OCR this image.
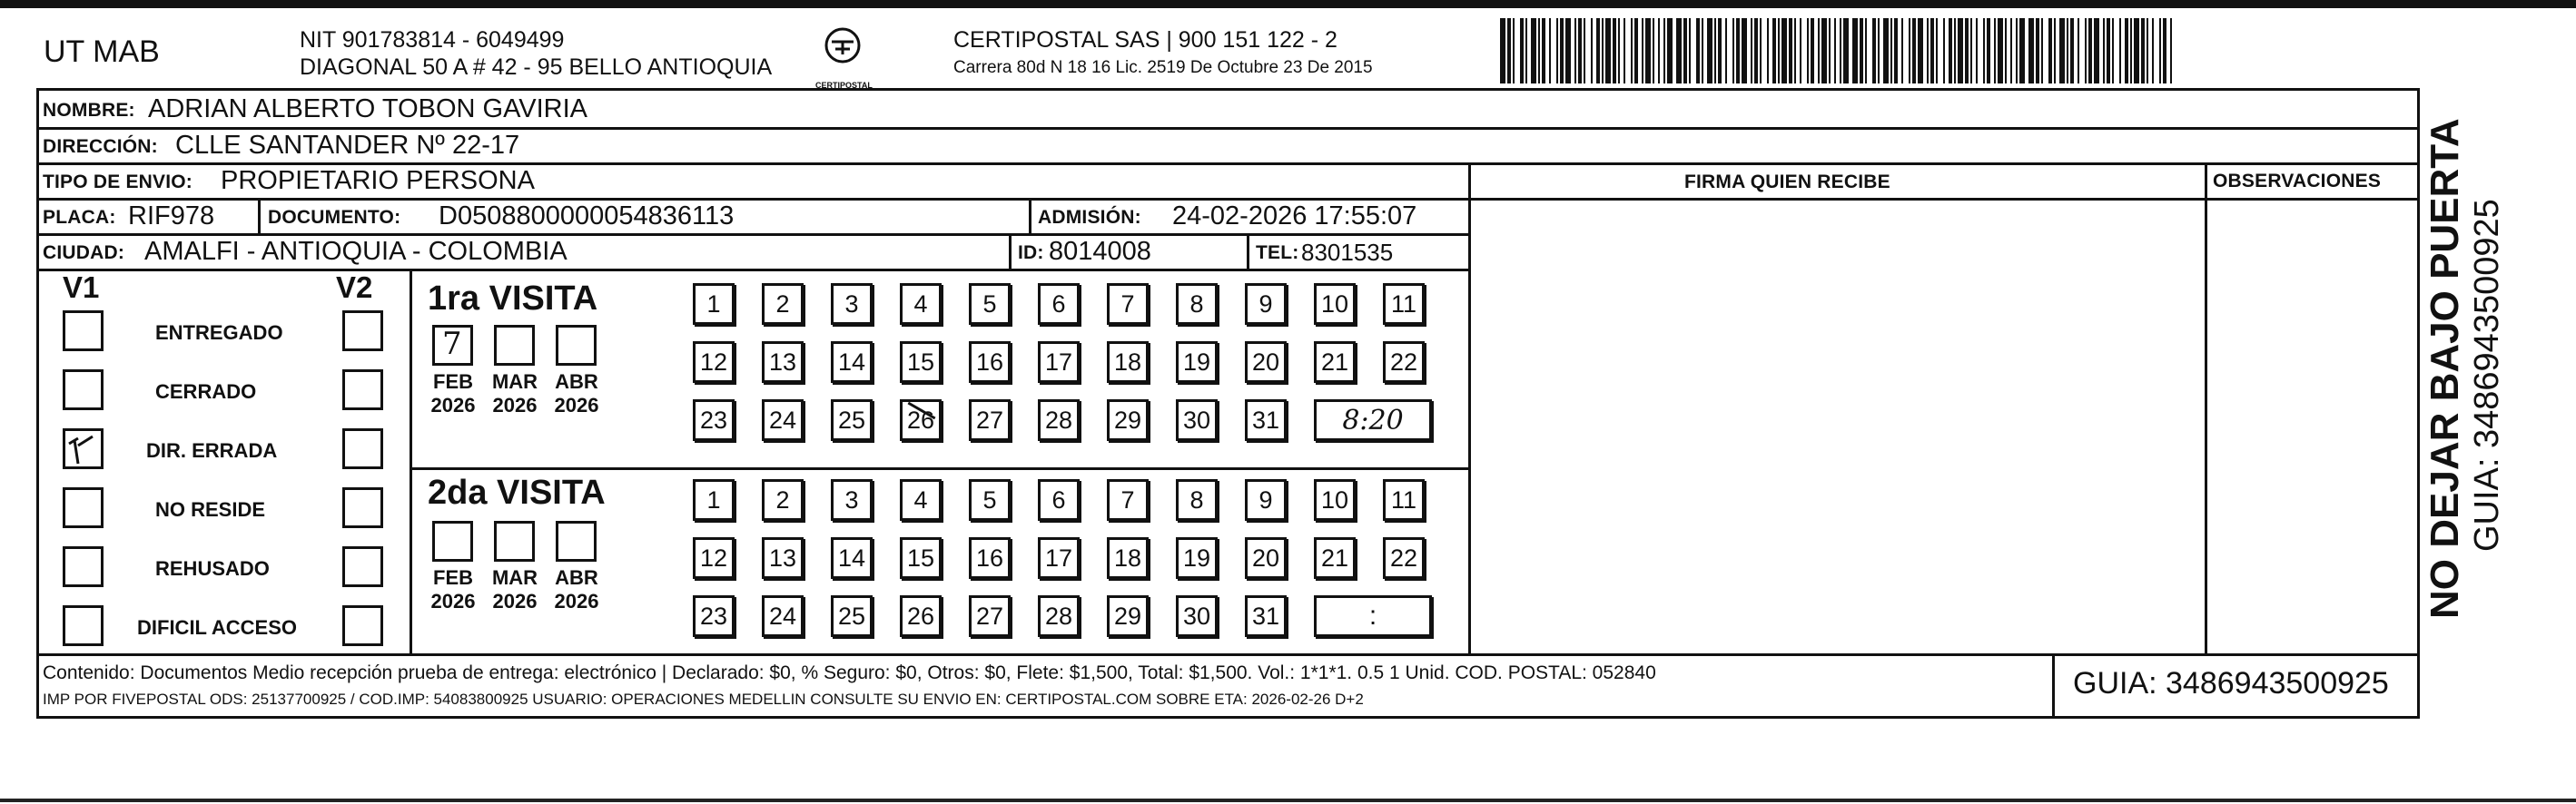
UT MAB	NIT 901783814 - 6049499
DIAGONAL 50 A # 42 - 95 BELLO ANTIOQUIA
CERTIPOSTAL
CERTIPOSTAL SAS | 900 151 122 - 2
Carrera 80d N 18 16 Lic. 2519 De Octubre 23 De 2015
NOMBRE: ADRIAN ALBERTO TOBON GAVIRIA
DIRECCIÓN: CLLE SANTANDER Nº 22-17
TIPO DE ENVIO: PROPIETARIO PERSONA	FIRMA QUIEN RECIBE	OBSERVACIONES
PLACA: RIF978	DOCUMENTO: D0508800000054836113	ADMISIÓN: 24-02-2026 17:55:07
CIUDAD: AMALFI - ANTIOQUIA - COLOMBIA	ID: 8014008	TEL: 8301535
V1	V2
ENTREGADO
CERRADO
DIR. ERRADA
NO RESIDE
REHUSADO
DIFICIL ACCESO
1ra VISITA
7
FEB
2026
MAR
2026
ABR
2026
1	2	3	4	5	6	7	8	9	10	11
12 13 14 15 16 17 18 19 20 21 22
23 24 25 26 27 28 29 30 31	8:20
2da VISITA
FEB
2026
MAR
2026
ABR
2026
1	2	3	4	5	6	7	8	9	10	11
12 13 14 15 16 17 18 19 20 21 22
23 24 25 26 27 28 29 30 31	:
Contenido: Documentos Medio recepción prueba de entrega: electrónico | Declarado: $0, % Seguro: $0, Otros: $0, Flete: $1,500, Total: $1,500. Vol.: 1*1*1. 0.5 1 Unid. COD. POSTAL: 052840
IMP POR FIVEPOSTAL ODS: 25137700925 / COD.IMP: 54083800925 USUARIO: OPERACIONES MEDELLIN CONSULTE SU ENVIO EN: CERTIPOSTAL.COM SOBRE ETA: 2026-02-26 D+2	GUIA: 3486943500925
NO DEJAR BAJO PUERTA GUIA: 3486943500925
